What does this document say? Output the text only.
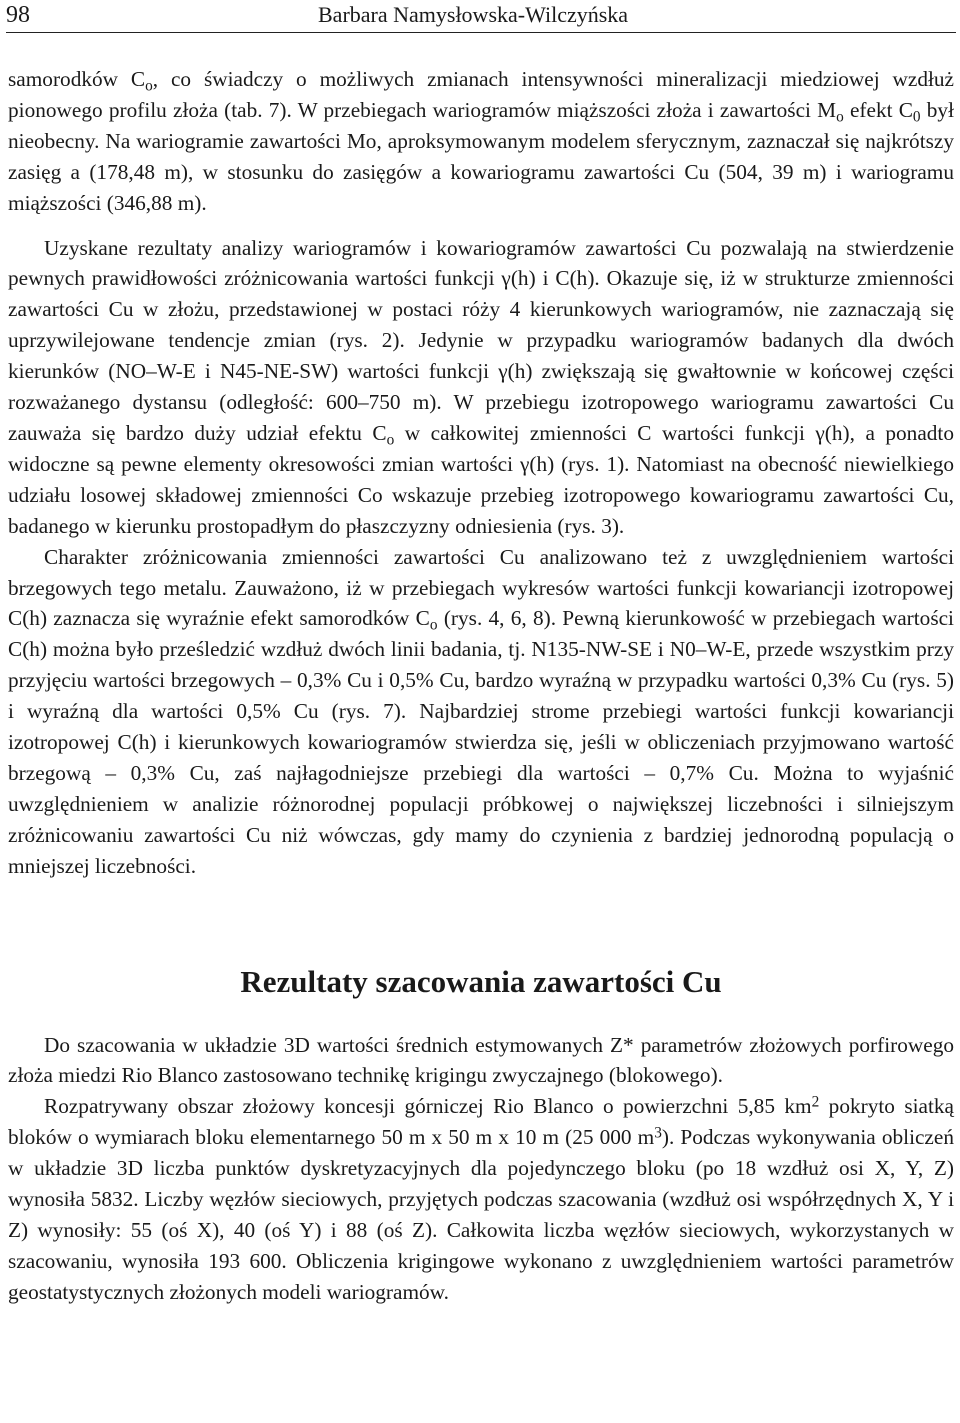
98	Barbara Namysłowska-Wilczyńska

samorodków $C_o$, co świadczy o możliwych zmianach intensywności mineralizacji miedziowej wzdłuż pionowego profilu złoża (tab. 7). W przebiegach wariogramów miąższości złoża i zawartości $M_o$ efekt $C_0$ był nieobecny. Na wariogramie zawartości Mo, aproksymowanym modelem sferycznym, zaznaczał się najkrótszy zasięg a (178,48 m), w stosunku do zasięgów a kowariogramu zawartości Cu (504, 39 m) i wariogramu miąższości (346,88 m).

Uzyskane rezultaty analizy wariogramów i kowariogramów zawartości Cu pozwalają na stwierdzenie pewnych prawidłowości zróżnicowania wartości funkcji γ(h) i C(h). Okazuje się, iż w strukturze zmienności zawartości Cu w złożu, przedstawionej w postaci róży 4 kierunkowych wariogramów, nie zaznaczają się uprzywilejowane tendencje zmian (rys. 2). Jedynie w przypadku wariogramów badanych dla dwóch kierunków (NO–W-E i N45-NE-SW) wartości funkcji γ(h) zwiększają się gwałtownie w końcowej części rozważanego dystansu (odległość: 600–750 m). W przebiegu izotropowego wariogramu zawartości Cu zauważa się bardzo duży udział efektu $C_o$ w całkowitej zmienności C wartości funkcji γ(h), a ponadto widoczne są pewne elementy okresowości zmian wartości γ(h) (rys. 1). Natomiast na obecność niewielkiego udziału losowej składowej zmienności Co wskazuje przebieg izotropowego kowariogramu zawartości Cu, badanego w kierunku prostopadłym do płaszczyzny odniesienia (rys. 3).

Charakter zróżnicowania zmienności zawartości Cu analizowano też z uwzględnieniem wartości brzegowych tego metalu. Zauważono, iż w przebiegach wykresów wartości funkcji kowariancji izotropowej C(h) zaznacza się wyraźnie efekt samorodków $C_o$ (rys. 4, 6, 8). Pewną kierunkowość w przebiegach wartości C(h) można było prześledzić wzdłuż dwóch linii badania, tj. N135-NW-SE i N0–W-E, przede wszystkim przy przyjęciu wartości brzegowych – 0,3% Cu i 0,5% Cu, bardzo wyraźną w przypadku wartości 0,3% Cu (rys. 5) i wyraźną dla wartości 0,5% Cu (rys. 7). Najbardziej strome przebiegi wartości funkcji kowariancji izotropowej C(h) i kierunkowych kowariogramów stwierdza się, jeśli w obliczeniach przyjmowano wartość brzegową – 0,3% Cu, zaś najłagodniejsze przebiegi dla wartości – 0,7% Cu. Można to wyjaśnić uwzględnieniem w analizie różnorodnej populacji próbkowej o największej liczebności i silniejszym zróżnicowaniu zawartości Cu niż wówczas, gdy mamy do czynienia z bardziej jednorodną populacją o mniejszej liczebności.

Rezultaty szacowania zawartości Cu

Do szacowania w układzie 3D wartości średnich estymowanych Z* parametrów złożowych porfirowego złoża miedzi Rio Blanco zastosowano technikę krigingu zwyczajnego (blokowego).

Rozpatrywany obszar złożowy koncesji górniczej Rio Blanco o powierzchni 5,85 $km^2$ pokryto siatką bloków o wymiarach bloku elementarnego 50 m x 50 m x 10 m (25 000 $m^3$). Podczas wykonywania obliczeń w układzie 3D liczba punktów dyskretyzacyjnych dla pojedynczego bloku (po 18 wzdłuż osi X, Y, Z) wynosiła 5832. Liczby węzłów sieciowych, przyjętych podczas szacowania (wzdłuż osi współrzędnych X, Y i Z) wynosiły: 55 (oś X), 40 (oś Y) i 88 (oś Z). Całkowita liczba węzłów sieciowych, wykorzystanych w szacowaniu, wynosiła 193 600. Obliczenia krigingowe wykonano z uwzględnieniem wartości parametrów geostatystycznych złożonych modeli wariogramów.
